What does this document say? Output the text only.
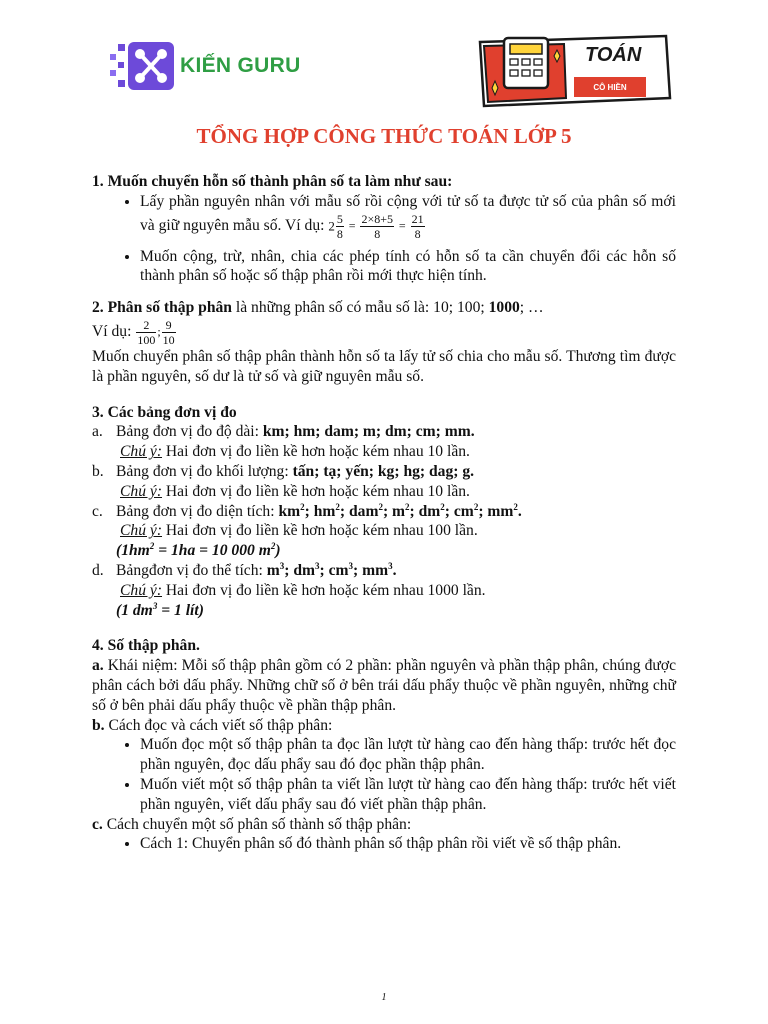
KIẾN GURU	TOÁN
CÔ HIỀN
TỔNG HỢP CÔNG THỨC TOÁN LỚP 5

1. Muốn chuyển hỗn số thành phân số ta làm như sau:

• Lấy phần nguyên nhân với mẫu số rồi cộng với tử số ta được tử số của phân số mới và giữ nguyên mẫu số. Ví dụ: $2 \frac{5}{8} = \frac{2\times 8+5}{8} = \frac{21}{8}$
• Muốn cộng, trừ, nhân, chia các phép tính có hỗn số ta cần chuyển đổi các hỗn số thành phân số hoặc số thập phân rồi mới thực hiện tính.

2. Phân số thập phân là những phân số có mẫu số là: 10; 100; 1000; …

Ví dụ: $\frac{2}{100}$ ; $\frac{9}{10}$

Muốn chuyển phân số thập phân thành hỗn số ta lấy tử số chia cho mẫu số. Thương tìm được là phần nguyên, số dư là tử số và giữ nguyên mẫu số.

3. Các bảng đơn vị đo

a. Bảng đơn vị đo độ dài: km; hm; dam; m; dm; cm; mm.

Chú ý: Hai đơn vị đo liền kề hơn hoặc kém nhau 10 lần.

b. Bảng đơn vị đo khối lượng: tấn; tạ; yến; kg; hg; dag; g.

Chú ý: Hai đơn vị đo liền kề hơn hoặc kém nhau 10 lần.

c. Bảng đơn vị đo diện tích: $km^2$; $hm^2$; dam$^2$; $m^2$; $dm^2$; $cm^2$; $mm^2$.

Chú ý: Hai đơn vị đo liền kề hơn hoặc kém nhau 100 lần.

($1hm^2 = 1ha = 10$ 000 $m^2$)

d. Bảngđơn vị đo thể tích: $m^3$; $dm^3$; $cm^3$; $mm^3$.

Chú ý: Hai đơn vị đo liền kề hơn hoặc kém nhau 1000 lần.

(1 $dm^3 = 1$ lít)

4. Số thập phân.

a. Khái niệm: Mỗi số thập phân gồm có 2 phần: phần nguyên và phần thập phân, chúng được phân cách bởi dấu phẩy. Những chữ số ở bên trái dấu phẩy thuộc về phần nguyên, những chữ số ở bên phải dấu phẩy thuộc về phần thập phân.

b. Cách đọc và cách viết số thập phân:

• Muốn đọc một số thập phân ta đọc lần lượt từ hàng cao đến hàng thấp: trước hết đọc phần nguyên, đọc dấu phẩy sau đó đọc phần thập phân.
• Muốn viết một số thập phân ta viết lần lượt từ hàng cao đến hàng thấp: trước hết viết phần nguyên, viết dấu phẩy sau đó viết phần thập phân.

c. Cách chuyển một số phân số thành số thập phân:

• Cách 1: Chuyển phân số đó thành phân số thập phân rồi viết về số thập phân.
1
